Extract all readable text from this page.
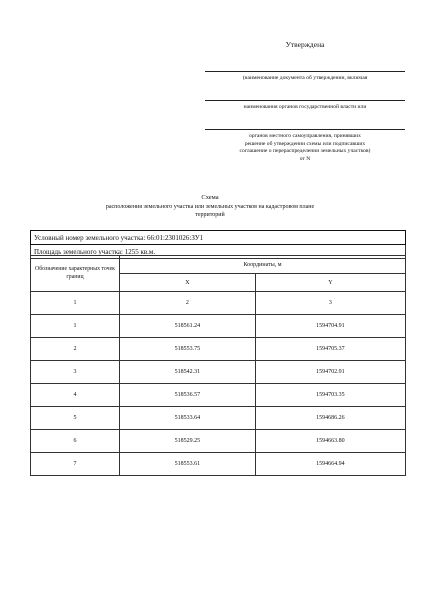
Утверждена
(наименование документа об утверждении, включая
наименования органов государственной власти или
органов местного самоуправления, принявших
решение об утверждении схемы или подписавших
соглашение о перераспределении земельных участков)
от N
Схема
расположения земельного участка или земельных участков на кадастровом плане
территорий
Условный номер земельного участка: 66:01:2301026:ЗУ1
Площадь земельного участка: 1255 кв.м.
Обозначение характерных точек границ	Координаты, м	
	X	Y
1	2	3
1	518561.24	1594704.91
2	518553.75	1594705.37
3	518542.31	1594702.91
4	518536.57	1594703.35
5	518533.64	1594686.26
6	518529.25	1594663.80
7	518553.61	1594664.94
